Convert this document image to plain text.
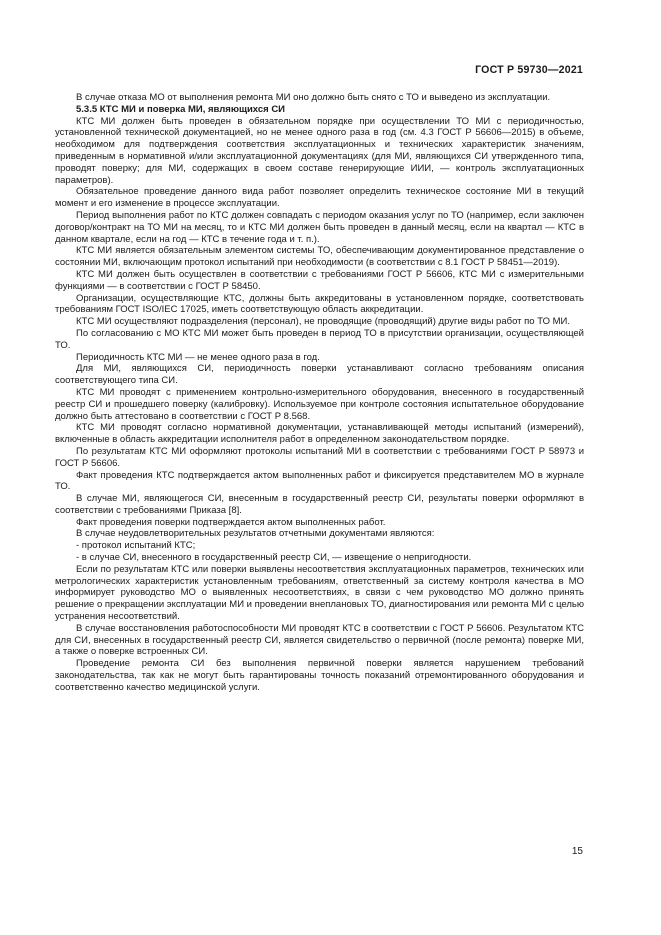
ГОСТ Р 59730—2021

В случае отказа МО от выполнения ремонта МИ оно должно быть снято с ТО и выведено из эксплуатации.

5.3.5 КТС МИ и поверка МИ, являющихся СИ

КТС МИ должен быть проведен в обязательном порядке при осуществлении ТО МИ с периодичностью, установленной технической документацией, но не менее одного раза в год (см. 4.3 ГОСТ Р 56606—2015) в объеме, необходимом для подтверждения соответствия эксплуатационных и технических характеристик значениям, приведенным в нормативной и/или эксплуатационной документациях (для МИ, являющихся СИ утвержденного типа, проводят поверку; для МИ, содержащих в своем составе генерирующие ИИИ, — контроль эксплуатационных параметров).

Обязательное проведение данного вида работ позволяет определить техническое состояние МИ в текущий момент и его изменение в процессе эксплуатации.

Период выполнения работ по КТС должен совпадать с периодом оказания услуг по ТО (например, если заключен договор/контракт на ТО МИ на месяц, то и КТС МИ должен быть проведен в данный месяц, если на квартал — КТС в данном квартале, если на год — КТС в течение года и т. п.).

КТС МИ является обязательным элементом системы ТО, обеспечивающим документированное представление о состоянии МИ, включающим протокол испытаний при необходимости (в соответствии с 8.1 ГОСТ Р 58451—2019).

КТС МИ должен быть осуществлен в соответствии с требованиями ГОСТ Р 56606, КТС МИ с измерительными функциями — в соответствии с ГОСТ Р 58450.

Организации, осуществляющие КТС, должны быть аккредитованы в установленном порядке, соответствовать требованиям ГОСТ ISO/IEC 17025, иметь соответствующую область аккредитации.

КТС МИ осуществляют подразделения (персонал), не проводящие (проводящий) другие виды работ по ТО МИ.

По согласованию с МО КТС МИ может быть проведен в период ТО в присутствии организации, осуществляющей ТО.

Периодичность КТС МИ — не менее одного раза в год.

Для МИ, являющихся СИ, периодичность поверки устанавливают согласно требованиям описания соответствующего типа СИ.

КТС МИ проводят с применением контрольно-измерительного оборудования, внесенного в государственный реестр СИ и прошедшего поверку (калибровку). Используемое при контроле состояния испытательное оборудование должно быть аттестовано в соответствии с ГОСТ Р 8.568.

КТС МИ проводят согласно нормативной документации, устанавливающей методы испытаний (измерений), включенные в область аккредитации исполнителя работ в определенном законодательством порядке.

По результатам КТС МИ оформляют протоколы испытаний МИ в соответствии с требованиями ГОСТ Р 58973 и ГОСТ Р 56606.

Факт проведения КТС подтверждается актом выполненных работ и фиксируется представителем МО в журнале ТО.

В случае МИ, являющегося СИ, внесенным в государственный реестр СИ, результаты поверки оформляют в соответствии с требованиями Приказа [8].

Факт проведения поверки подтверждается актом выполненных работ.

В случае неудовлетворительных результатов отчетными документами являются:

- протокол испытаний КТС;

- в случае СИ, внесенного в государственный реестр СИ, — извещение о непригодности.

Если по результатам КТС или поверки выявлены несоответствия эксплуатационных параметров, технических или метрологических характеристик установленным требованиям, ответственный за систему контроля качества в МО информирует руководство МО о выявленных несоответствиях, в связи с чем руководство МО должно принять решение о прекращении эксплуатации МИ и проведении внеплановых ТО, диагностирования или ремонта МИ с целью устранения несоответствий.

В случае восстановления работоспособности МИ проводят КТС в соответствии с ГОСТ Р 56606. Результатом КТС для СИ, внесенных в государственный реестр СИ, является свидетельство о первичной (после ремонта) поверке МИ, а также о поверке встроенных СИ.

Проведение ремонта СИ без выполнения первичной поверки является нарушением требований законодательства, так как не могут быть гарантированы точность показаний отремонтированного оборудования и соответственно качество медицинской услуги.

15
